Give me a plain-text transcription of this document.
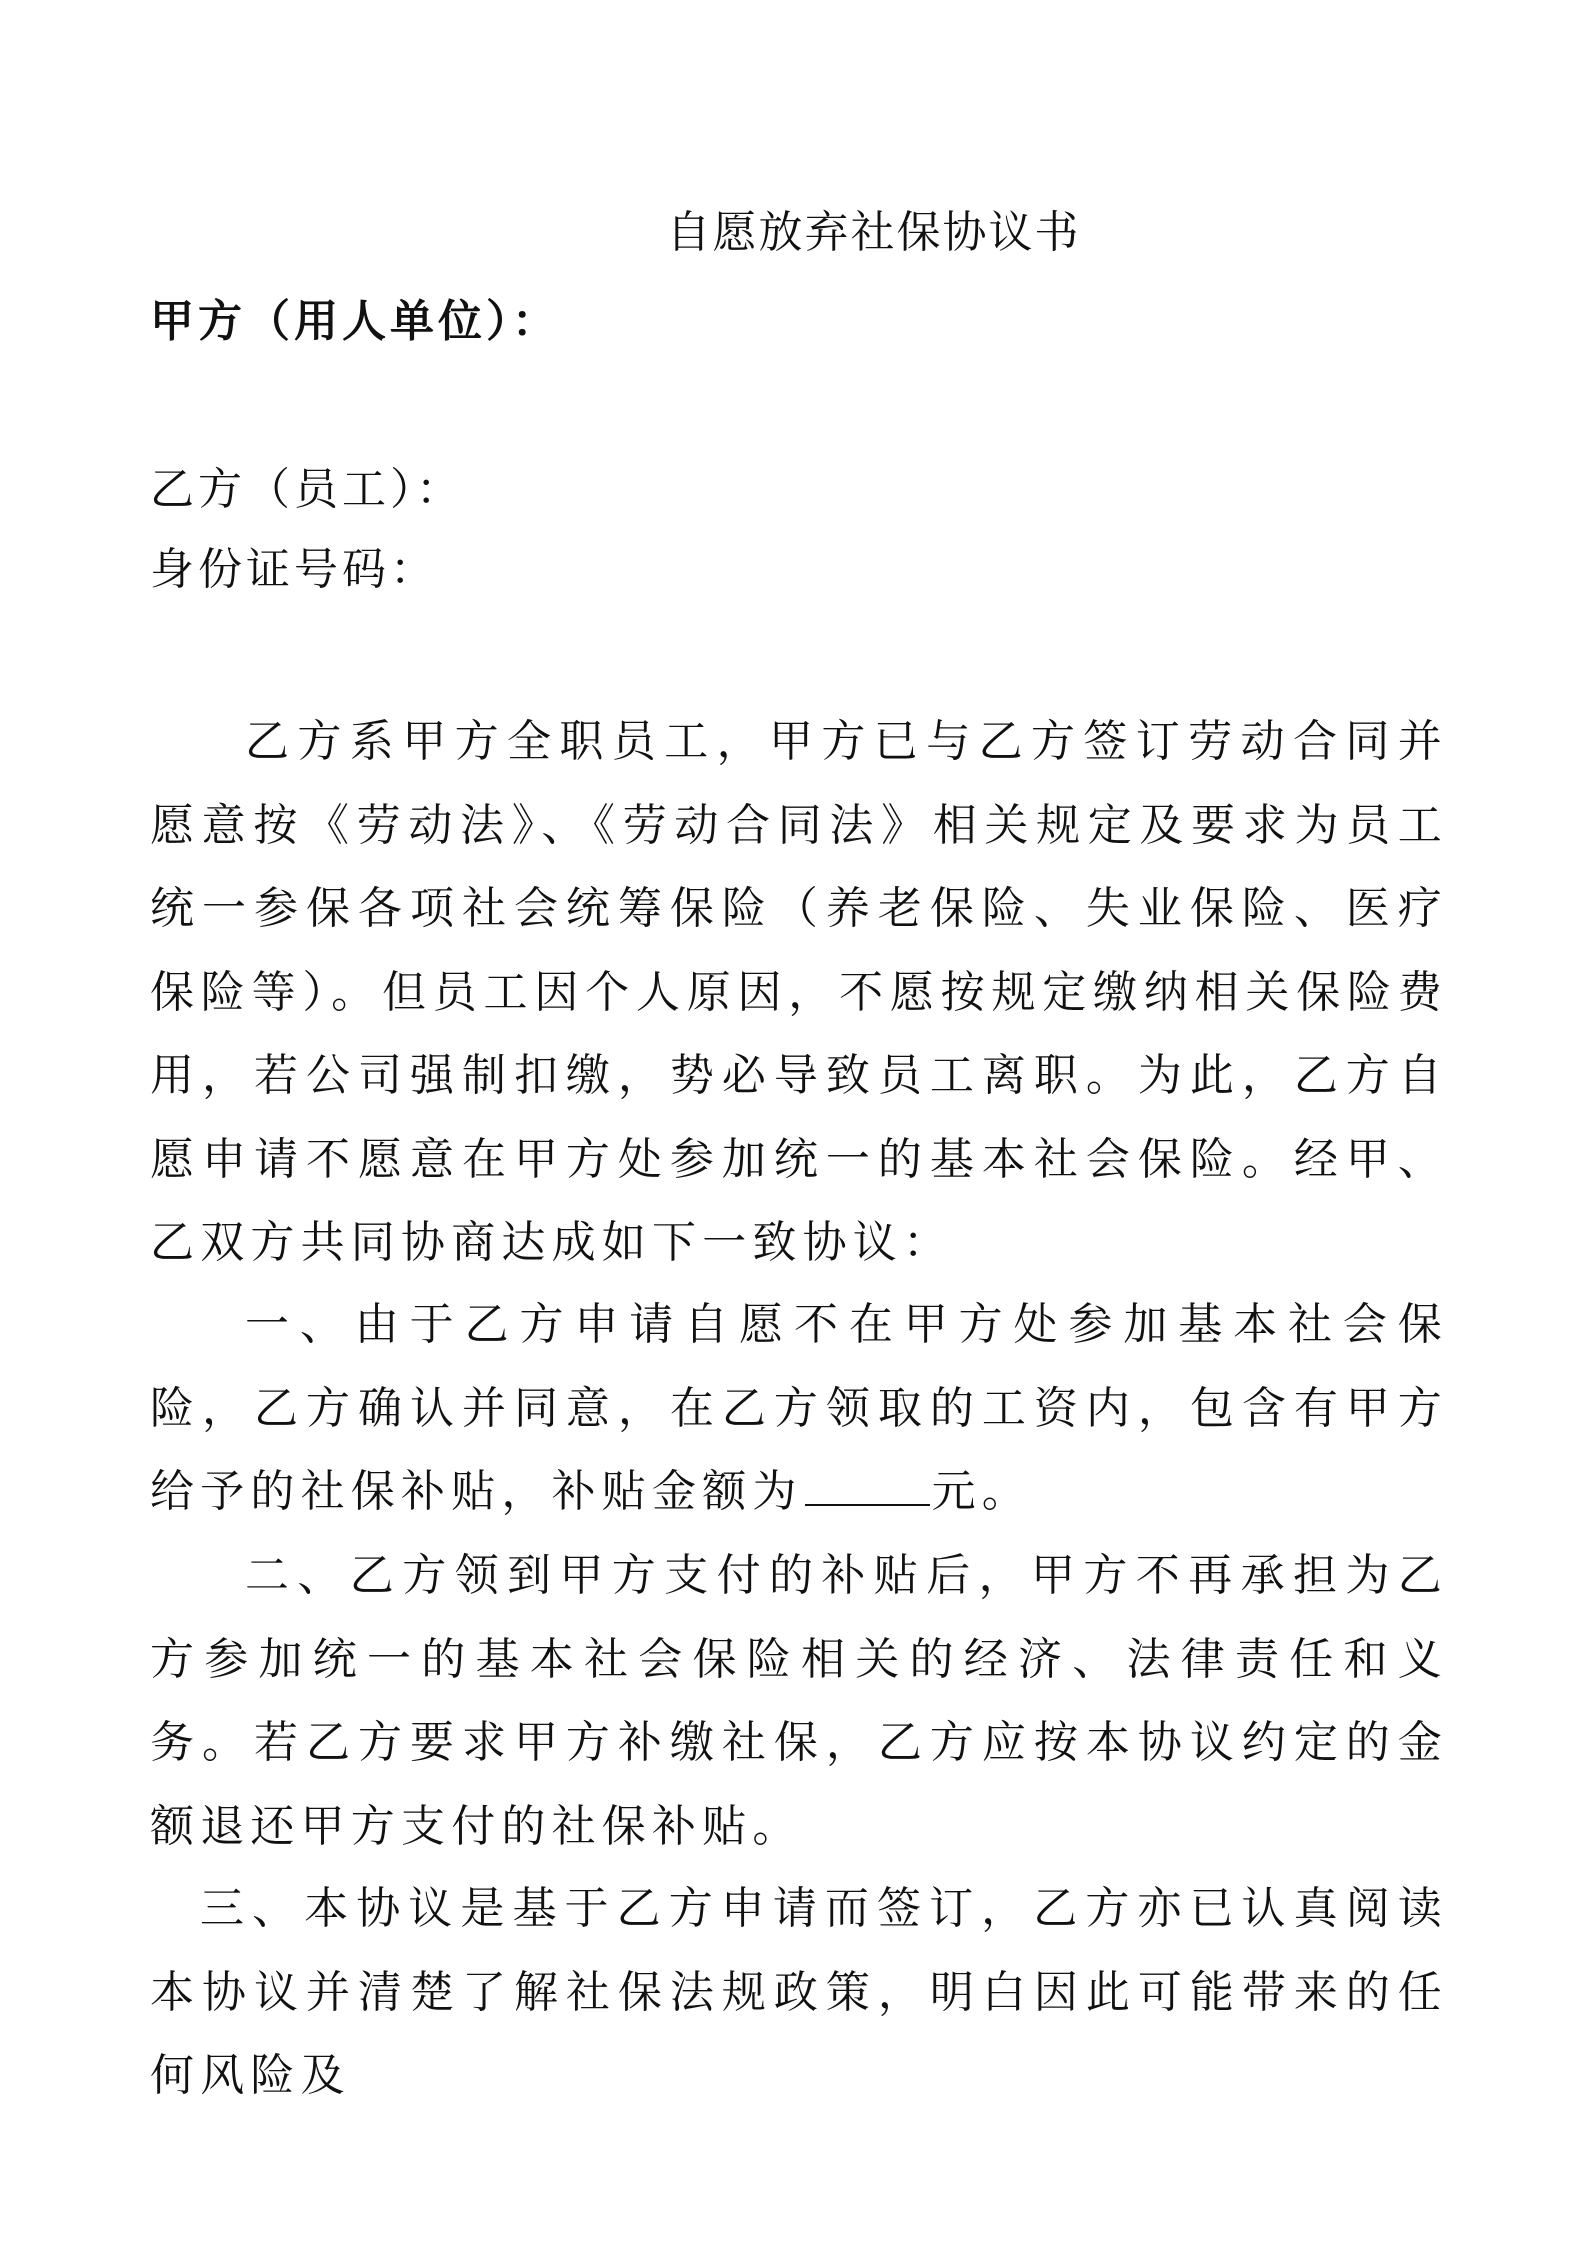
自愿放弃社保协议书

甲方（用人单位）：

乙方（员工）：

身份证号码：

乙方系甲方全职员工，甲方已与乙方签订劳动合同并愿意按《劳动法》、《劳动合同法》相关规定及要求为员工统一参保各项社会统筹保险（养老保险、失业保险、医疗保险等）。但员工因个人原因，不愿按规定缴纳相关保险费用，若公司强制扣缴，势必导致员工离职。为此，乙方自愿申请不愿意在甲方处参加统一的基本社会保险。经甲、乙双方共同协商达成如下一致协议：

一、由于乙方申请自愿不在甲方处参加基本社会保险，乙方确认并同意，在乙方领取的工资内，包含有甲方给予的社保补贴，补贴金额为	元。

二、乙方领到甲方支付的补贴后，甲方不再承担为乙方参加统一的基本社会保险相关的经济、法律责任和义务。若乙方要求甲方补缴社保，乙方应按本协议约定的金额退还甲方支付的社保补贴。

三、本协议是基于乙方申请而签订，乙方亦已认真阅读本协议并清楚了解社保法规政策，明白因此可能带来的任何风险及
